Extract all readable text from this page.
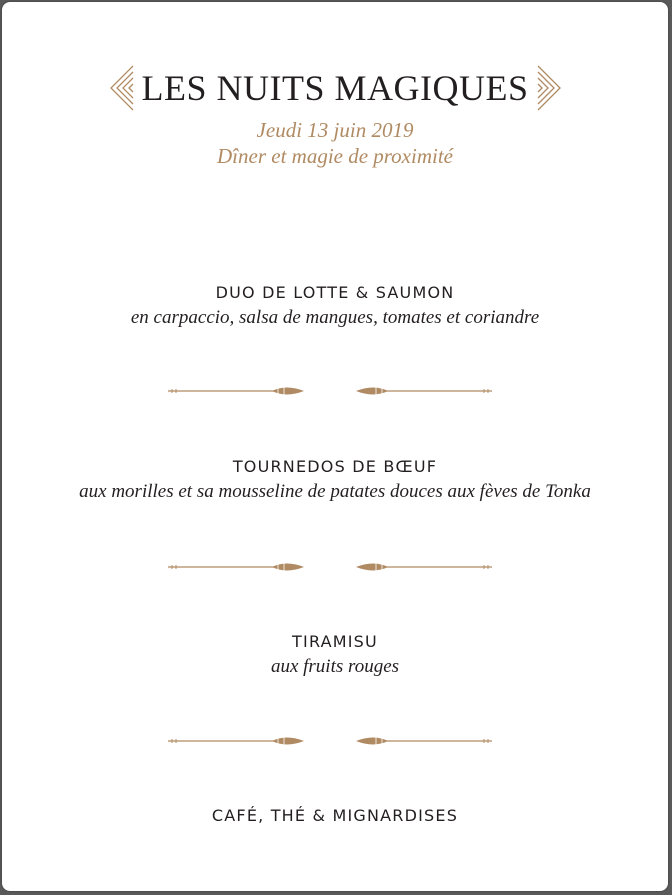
LES NUITS MAGIQUES
Jeudi 13 juin 2019
Dîner et magie de proximité
DUO DE LOTTE & SAUMON
en carpaccio, salsa de mangues, tomates et coriandre
TOURNEDOS DE BŒUF
aux morilles et sa mousseline de patates douces aux fèves de Tonka
TIRAMISU
aux fruits rouges
CAFÉ, THÉ & MIGNARDISES
